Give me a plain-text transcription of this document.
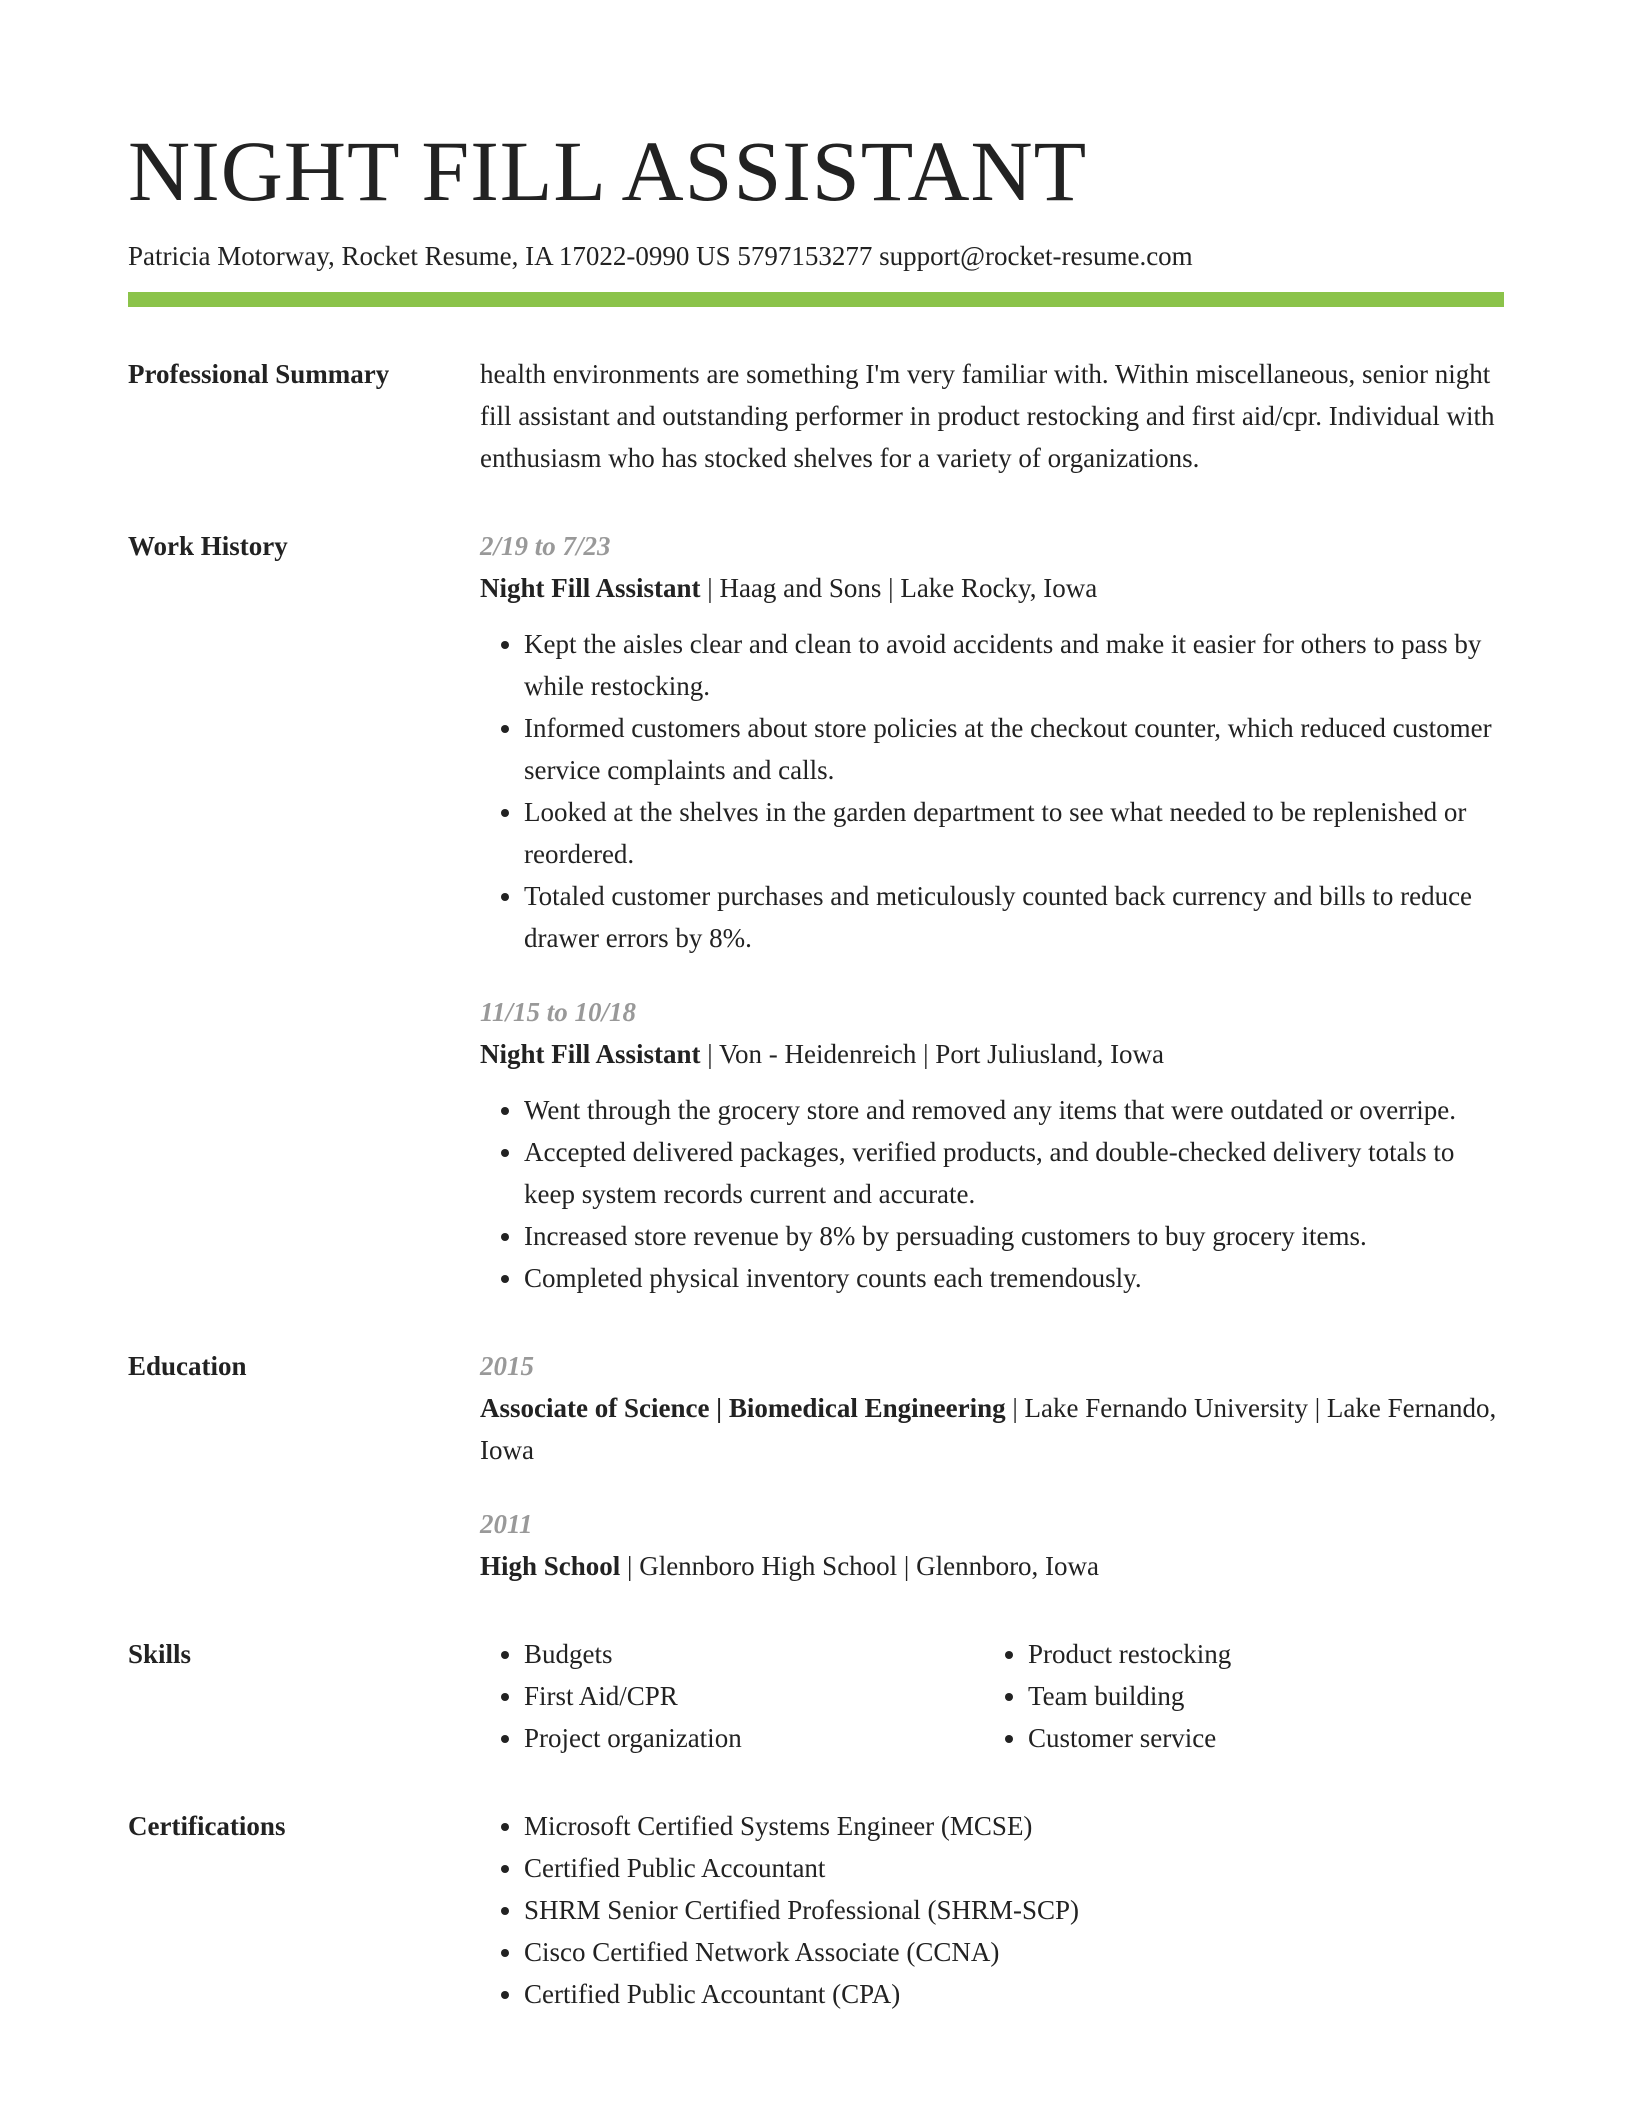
NIGHT FILL ASSISTANT
Patricia Motorway, Rocket Resume, IA 17022-0990 US 5797153277 support@rocket-resume.com
Professional Summary	health environments are something I'm very familiar with. Within miscellaneous, senior night fill assistant and outstanding performer in product restocking and first aid/cpr. Individual with enthusiasm who has stocked shelves for a variety of organizations.
Work History	2/19 to 7/23
Night Fill Assistant | Haag and Sons | Lake Rocky, Iowa
• Kept the aisles clear and clean to avoid accidents and make it easier for others to pass by while restocking.
• Informed customers about store policies at the checkout counter, which reduced customer service complaints and calls.
• Looked at the shelves in the garden department to see what needed to be replenished or reordered.
• Totaled customer purchases and meticulously counted back currency and bills to reduce drawer errors by 8%.
11/15 to 10/18
Night Fill Assistant | Von - Heidenreich | Port Juliusland, Iowa
• Went through the grocery store and removed any items that were outdated or overripe.
• Accepted delivered packages, verified products, and double-checked delivery totals to keep system records current and accurate.
• Increased store revenue by 8% by persuading customers to buy grocery items.
• Completed physical inventory counts each tremendously.
Education	2015
Associate of Science | Biomedical Engineering | Lake Fernando University | Lake Fernando, Iowa
2011
High School | Glennboro High School | Glennboro, Iowa
Skills	• Budgets
• First Aid/CPR
• Project organization
• Product restocking
• Team building
• Customer service
Certifications	• Microsoft Certified Systems Engineer (MCSE)
• Certified Public Accountant
• SHRM Senior Certified Professional (SHRM-SCP)
• Cisco Certified Network Associate (CCNA)
• Certified Public Accountant (CPA)
